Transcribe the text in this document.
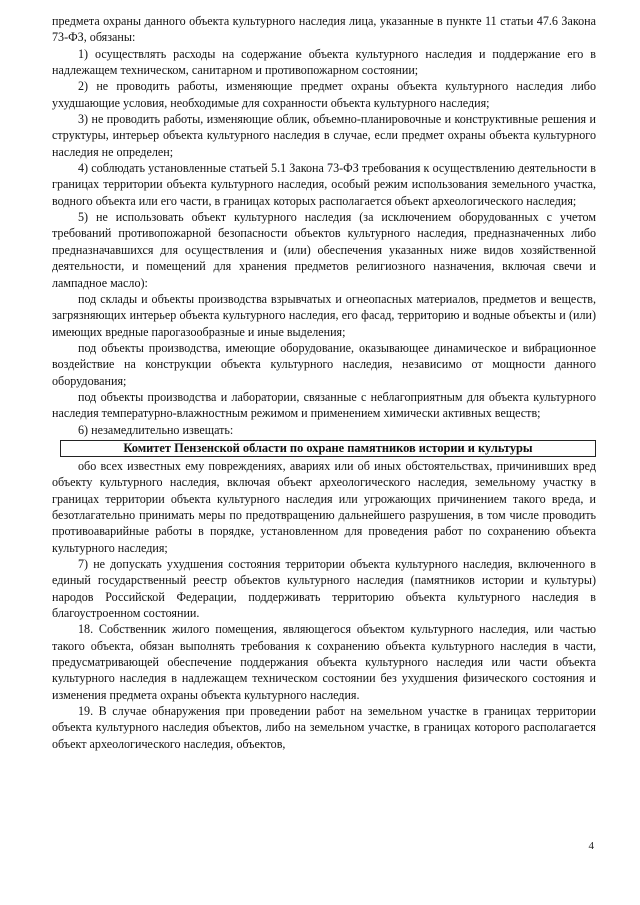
предмета охраны данного объекта культурного наследия лица, указанные в пункте 11 статьи 47.6 Закона 73-ФЗ, обязаны:

1) осуществлять расходы на содержание объекта культурного наследия и поддержание его в надлежащем техническом, санитарном и противопожарном состоянии;

2) не проводить работы, изменяющие предмет охраны объекта культурного наследия либо ухудшающие условия, необходимые для сохранности объекта культурного наследия;

3) не проводить работы, изменяющие облик, объемно-планировочные и конструктивные решения и структуры, интерьер объекта культурного наследия в случае, если предмет охраны объекта культурного наследия не определен;

4) соблюдать установленные статьей 5.1 Закона 73-ФЗ требования к осуществлению деятельности в границах территории объекта культурного наследия, особый режим использования земельного участка, водного объекта или его части, в границах которых располагается объект археологического наследия;

5) не использовать объект культурного наследия (за исключением оборудованных с учетом требований противопожарной безопасности объектов культурного наследия, предназначенных либо предназначавшихся для осуществления и (или) обеспечения указанных ниже видов хозяйственной деятельности, и помещений для хранения предметов религиозного назначения, включая свечи и лампадное масло):

под склады и объекты производства взрывчатых и огнеопасных материалов, предметов и веществ, загрязняющих интерьер объекта культурного наследия, его фасад, территорию и водные объекты и (или) имеющих вредные парогазообразные и иные выделения;

под объекты производства, имеющие оборудование, оказывающее динамическое и вибрационное воздействие на конструкции объекта культурного наследия, независимо от мощности данного оборудования;

под объекты производства и лаборатории, связанные с неблагоприятным для объекта культурного наследия температурно-влажностным режимом и применением химически активных веществ;

6) незамедлительно извещать:

Комитет Пензенской области по охране памятников истории и культуры

обо всех известных ему повреждениях, авариях или об иных обстоятельствах, причинивших вред объекту культурного наследия, включая объект археологического наследия, земельному участку в границах территории объекта культурного наследия или угрожающих причинением такого вреда, и безотлагательно принимать меры по предотвращению дальнейшего разрушения, в том числе проводить противоаварийные работы в порядке, установленном для проведения работ по сохранению объекта культурного наследия;

7) не допускать ухудшения состояния территории объекта культурного наследия, включенного в единый государственный реестр объектов культурного наследия (памятников истории и культуры) народов Российской Федерации, поддерживать территорию объекта культурного наследия в благоустроенном состоянии.

18. Собственник жилого помещения, являющегося объектом культурного наследия, или частью такого объекта, обязан выполнять требования к сохранению объекта культурного наследия в части, предусматривающей обеспечение поддержания объекта культурного наследия или части объекта культурного наследия в надлежащем техническом состоянии без ухудшения физического состояния и изменения предмета охраны объекта культурного наследия.

19. В случае обнаружения при проведении работ на земельном участке в границах территории объекта культурного наследия объектов, либо на земельном участке, в границах которого располагается объект археологического наследия, объектов,

4
